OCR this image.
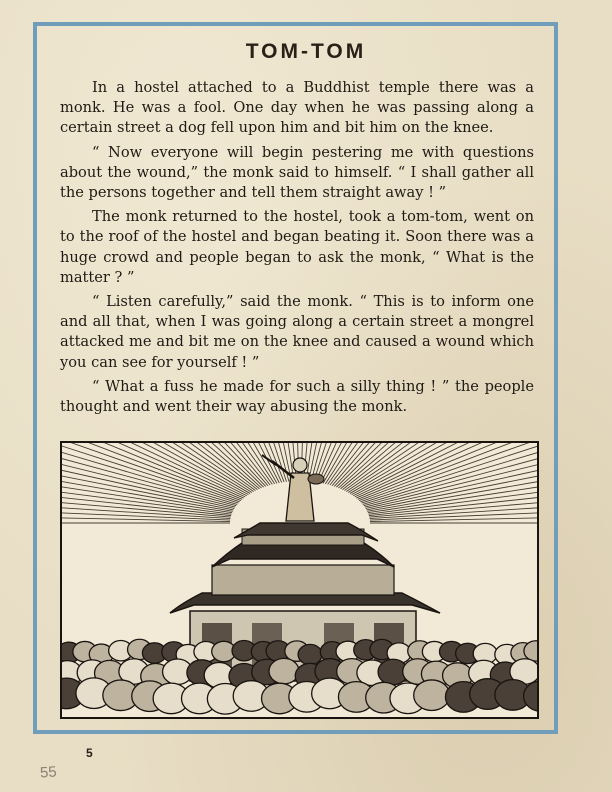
TOM-TOM

In a hostel attached to a Buddhist temple there was a monk. He was a fool. One day when he was passing along a certain street a dog fell upon him and bit him on the knee.

“ Now everyone will begin pestering me with questions about the wound,” the monk said to himself. “ I shall gather all the persons together and tell them straight away ! ”

The monk returned to the hostel, took a tom-tom, went on to the roof of the hostel and began beating it. Soon there was a huge crowd and people began to ask the monk, “ What is the matter ? ”

“ Listen carefully,” said the monk. “ This is to inform one and all that, when I was going along a certain street a mongrel attacked me and bit me on the knee and caused a wound which you can see for yourself ! ”

“ What a fuss he made for such a silly thing ! ” the people thought and went their way abusing the monk.

5
55
